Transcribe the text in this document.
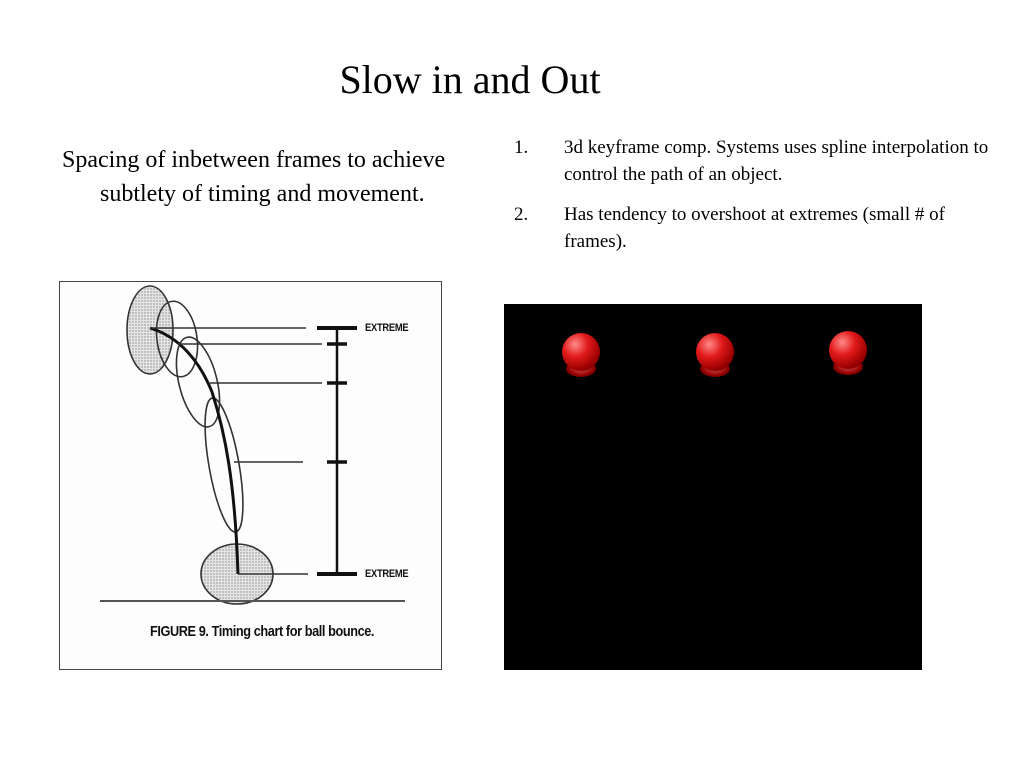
Slow in and Out
Spacing of inbetween frames to achieve subtlety of timing and movement.
1.	3d keyframe comp. Systems uses spline interpolation to control the path of an object.
2.	Has tendency to overshoot at extremes (small # of frames).
EXTREME
EXTREME
FIGURE 9. Timing chart for ball bounce.
